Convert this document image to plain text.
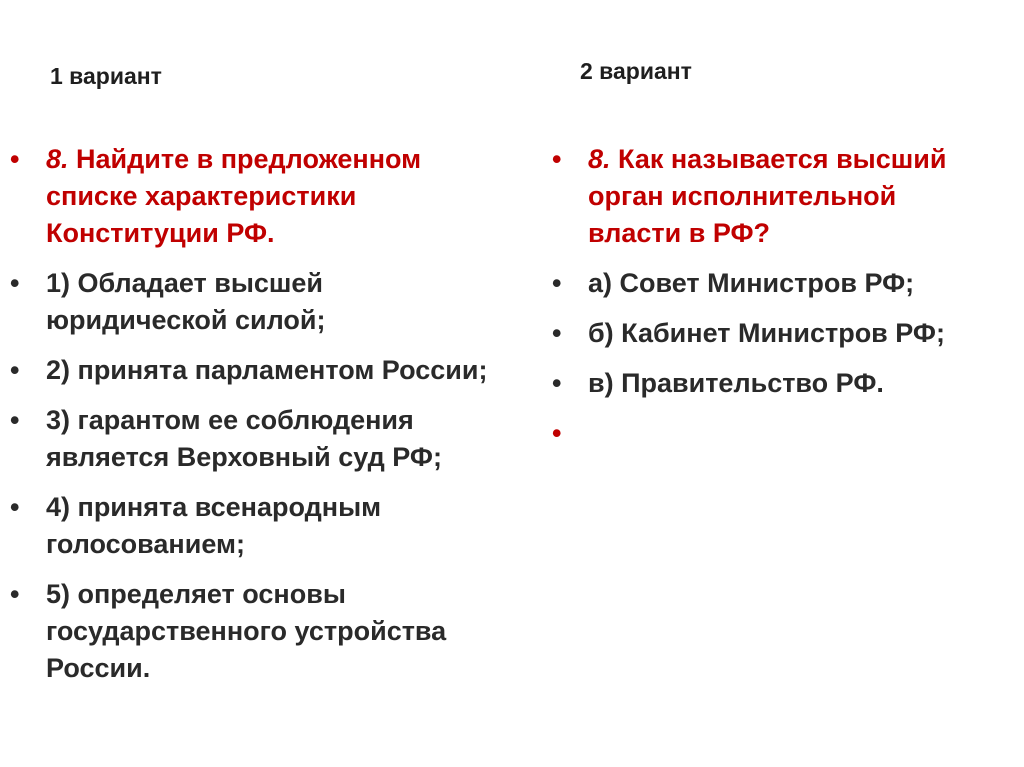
1 вариант	2 вариант
• 8. Найдите в предложенном списке характеристики Конституции РФ.
• 1) Обладает высшей юридической силой;
• 2) принята парламентом России;
• 3) гарантом ее соблюдения является Верховный суд РФ;
• 4) принята всенародным голосованием;
• 5) определяет основы государственного устройства России.
• 8. Как называется высший орган исполнительной власти в РФ?
• а) Совет Министров РФ;
• б) Кабинет Министров РФ;
• в) Правительство РФ.
•
